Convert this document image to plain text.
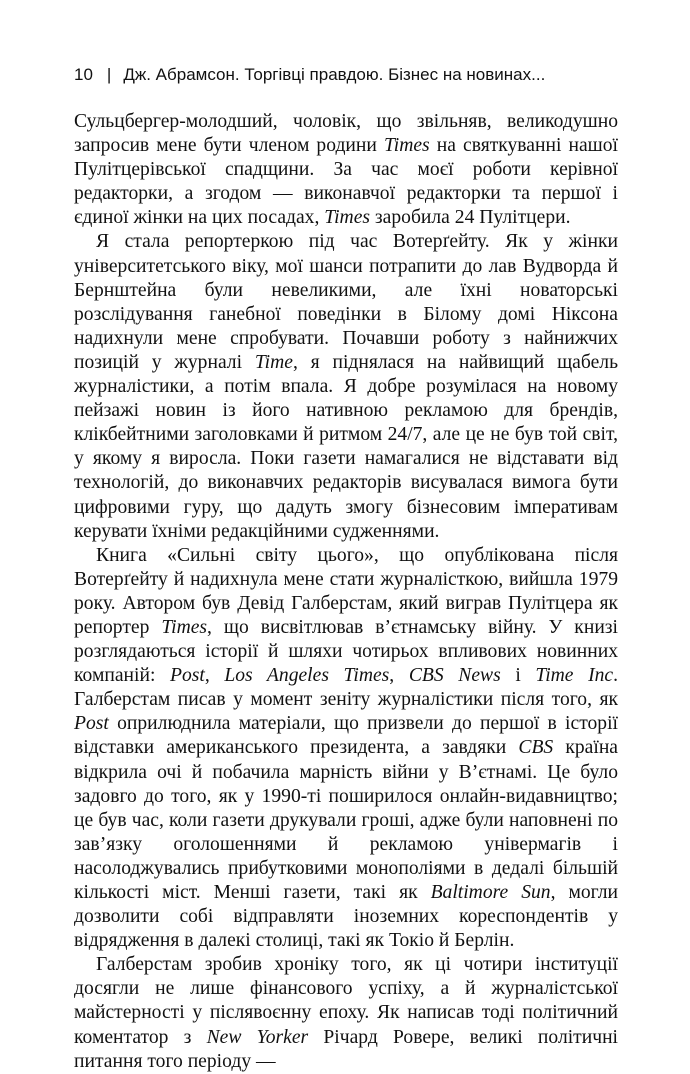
10 | Дж. Абрамсон. Торгівці правдою. Бізнес на новинах...

Сульцбергер-молодший, чоловік, що звільняв, великодушно запросив мене бути членом родини Times на святкуванні нашої Пулітцерівської спадщини. За час моєї роботи керівної редакторки, а згодом — виконавчої редакторки та першої і єдиної жінки на цих посадах, Times заробила 24 Пулітцери.

Я стала репортеркою під час Вотерґейту. Як у жінки університетського віку, мої шанси потрапити до лав Вудворда й Бернштейна були невеликими, але їхні новаторські розслідування ганебної поведінки в Білому домі Ніксона надихнули мене спробувати. Почавши роботу з найнижчих позицій у журналі Time, я піднялася на найвищий щабель журналістики, а потім впала. Я добре розумілася на новому пейзажі новин із його нативною рекламою для брендів, клікбейтними заголовками й ритмом 24/7, але це не був той світ, у якому я виросла. Поки газети намагалися не відставати від технологій, до виконавчих редакторів висувалася вимога бути цифровими гуру, що дадуть змогу бізнесовим імперативам керувати їхніми редакційними судженнями.

Книга «Сильні світу цього», що опублікована після Вотерґейту й надихнула мене стати журналісткою, вийшла 1979 року. Автором був Девід Галберстам, який виграв Пулітцера як репортер Times, що висвітлював в’єтнамську війну. У книзі розглядаються історії й шляхи чотирьох впливових новинних компаній: Post, Los Angeles Times, CBS News і Time Inc. Галберстам писав у момент зеніту журналістики після того, як Post оприлюднила матеріали, що призвели до першої в історії відставки американського президента, а завдяки CBS країна відкрила очі й побачила марність війни у В’єтнамі. Це було задовго до того, як у 1990-ті поширилося онлайн-видавництво; це був час, коли газети друкували гроші, адже були наповнені по зав’язку оголошеннями й рекламою універмагів і насолоджувались прибутковими монополіями в дедалі більшій кількості міст. Менші газети, такі як Baltimore Sun, могли дозволити собі відправляти іноземних кореспондентів у відрядження в далекі столиці, такі як Токіо й Берлін.

Галберстам зробив хроніку того, як ці чотири інституції досягли не лише фінансового успіху, а й журналістської майстерності у післявоєнну епоху. Як написав тоді політичний коментатор з New Yorker Річард Ровере, великі політичні питання того періоду —
